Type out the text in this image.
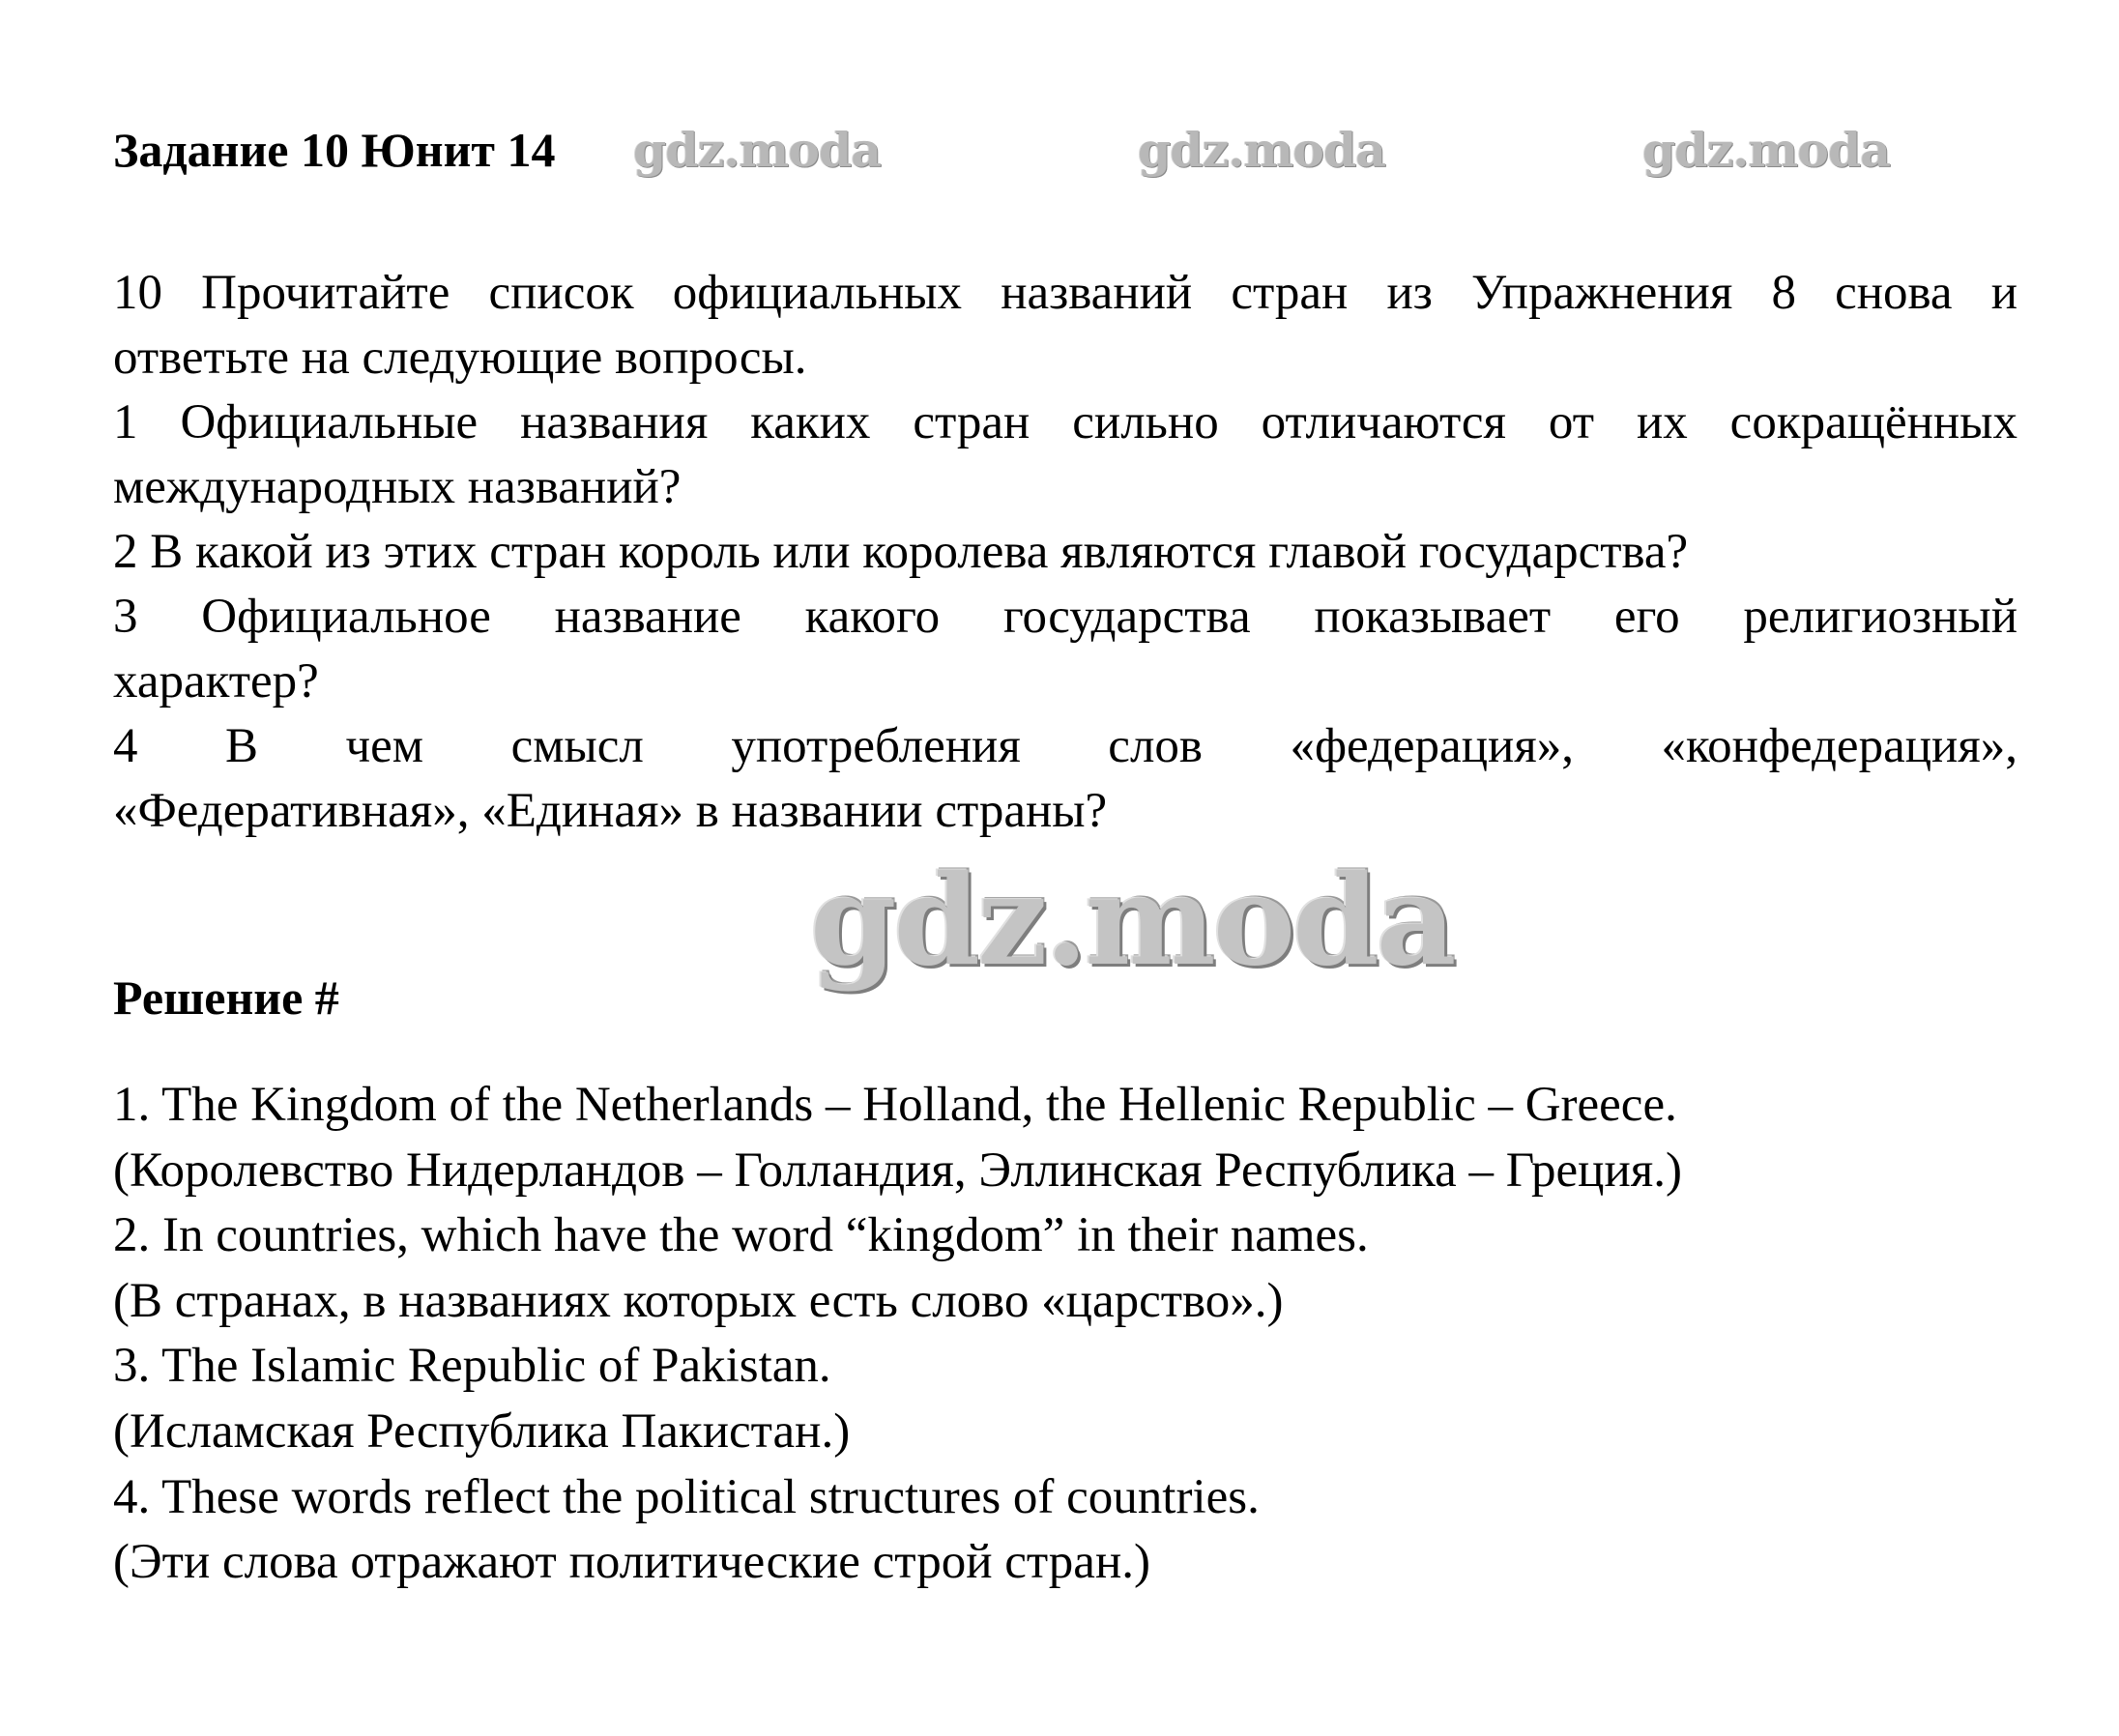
Задание 10 Юнит 14 gdz.moda	gdz.moda	gdz.moda

10 Прочитайте список официальных названий стран из Упражнения 8 снова и

ответьте на следующие вопросы.

1 Официальные названия каких стран сильно отличаются от их сокращённых

международных названий?

2 В какой из этих стран король или королева являются главой государства?

3 Официальное название какого государства показывает его религиозный

характер?

4 В чем смысл употребления слов «федерация», «конфедерация»,

«Федеративная», «Единая» в названии страны?

gdz.moda
Решение #

1. The Kingdom of the Netherlands – Holland, the Hellenic Republic – Greece.

(Королевство Нидерландов – Голландия, Эллинская Республика – Греция.)

2. In countries, which have the word “kingdom” in their names.

(В странах, в названиях которых есть слово «царство».)

3. The Islamic Republic of Pakistan.

(Исламская Республика Пакистан.)

4. These words reflect the political structures of countries.

(Эти слова отражают политические строй стран.)
